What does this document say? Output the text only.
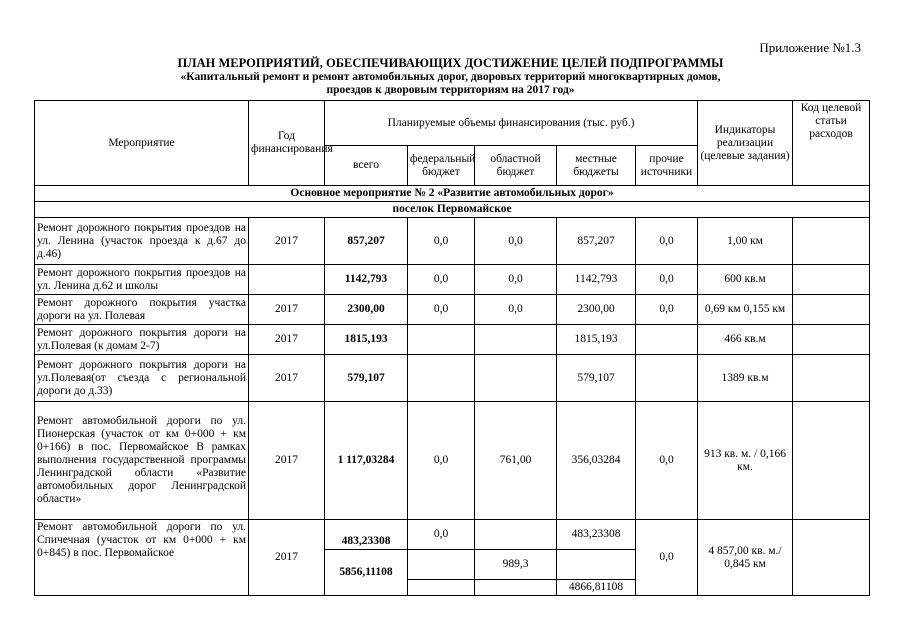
Приложение №1.3
ПЛАН МЕРОПРИЯТИЙ, ОБЕСПЕЧИВАЮЩИХ ДОСТИЖЕНИЕ ЦЕЛЕЙ ПОДПРОГРАММЫ
«Капитальный ремонт и ремонт автомобильных дорог, дворовых территорий многоквартирных домов,
проездов к дворовым территориям на 2017 год»
Мероприятие	Год финансирования	Планируемые объемы финансирования (тыс. руб.)					Индикаторы реализации (целевые задания)	Код целевой статьи расходов
		всего	федеральный бюджет	областной бюджет	местные бюджеты	прочие источники		
Основное мероприятие № 2 «Развитие автомобильных дорог»								
поселок Первомайское								
Ремонт дорожного покрытия проездов на ул. Ленина (участок проезда к д.67 до д.46)	2017	857,207	0,0	0,0	857,207	0,0	1,00 км	
Ремонт дорожного покрытия проездов на ул. Ленина д.62 и школы		1142,793	0,0	0,0	1142,793	0,0	600 кв.м	
Ремонт дорожного покрытия участка дороги на ул. Полевая	2017	2300,00	0,0	0,0	2300,00	0,0	0,69 км 0,155 км	
Ремонт дорожного покрытия дороги на ул.Полевая (к домам 2-7)	2017	1815,193			1815,193		466 кв.м	
Ремонт дорожного покрытия дороги на ул.Полевая(от съезда с региональной дороги до д.33)	2017	579,107			579,107		1389 кв.м	
Ремонт автомобильной дороги по ул. Пионерская (участок от км 0+000 + км 0+166) в пос. Первомайское В рамках выполнения государственной программы Ленинградской области «Развитие автомобильных дорог Ленинградской области»	2017	1 117,03284	0,0	761,00	356,03284	0,0	913 кв. м. / 0,166 км.	
Ремонт автомобильной дороги по ул. Спичечная (участок от км 0+000 + км 0+845) в пос. Первомайское	2017	483,23308	0,0		483,23308	0,0	4 857,00 кв. м./ 0,845 км	
		5856,11108		989,3				
					4866,81108			
